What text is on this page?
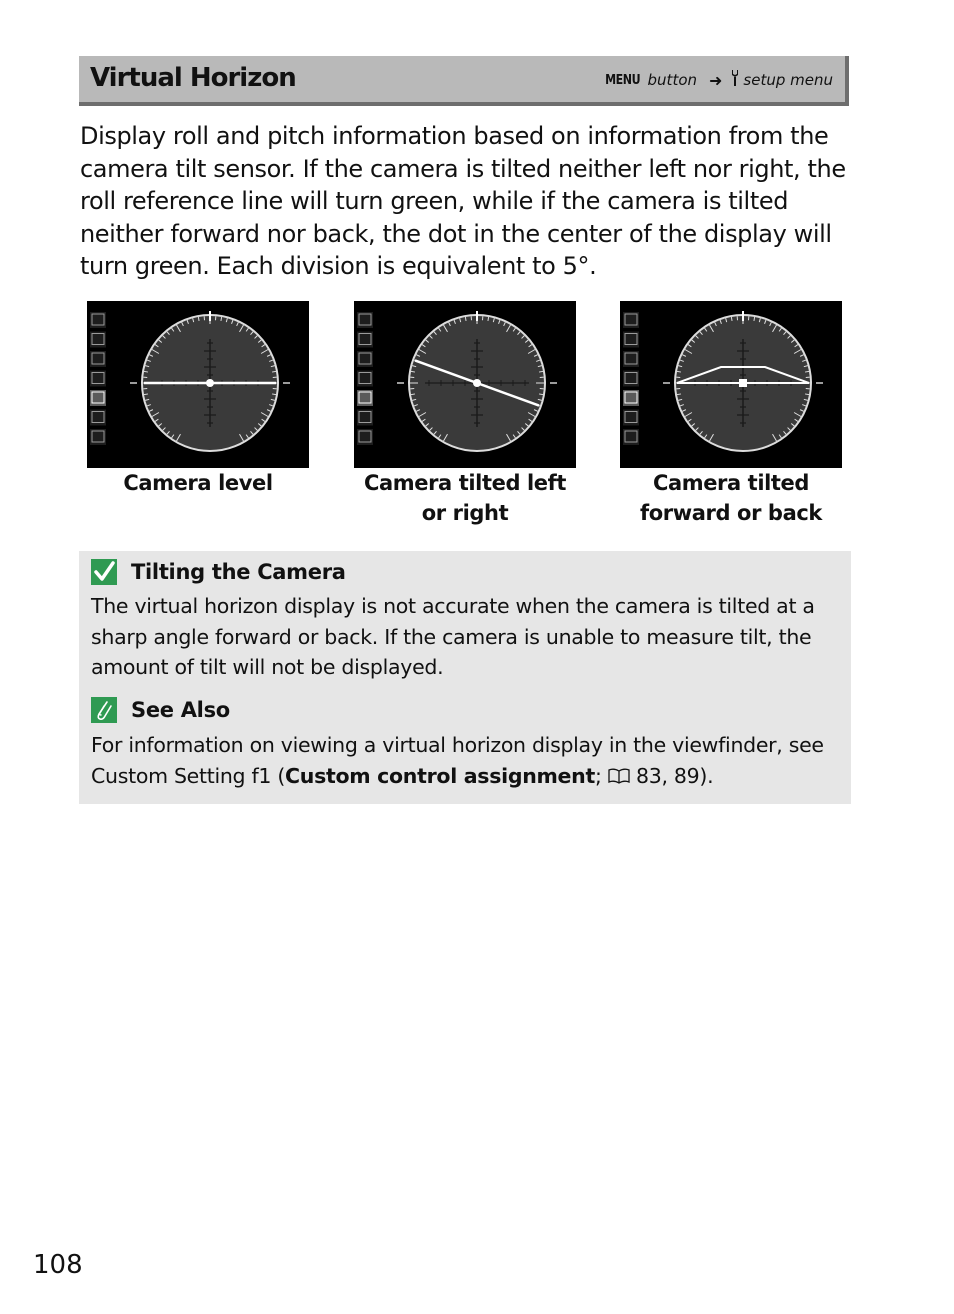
Virtual Horizon	MENU button ➜ setup menu
Display roll and pitch information based on information from the camera tilt sensor. If the camera is tilted neither left nor right, the roll reference line will turn green, while if the camera is tilted neither forward nor back, the dot in the center of the display will turn green. Each division is equivalent to 5°.
Camera level	Camera tilted left or right
Camera tilted forward or back
Tilting the Camera
The virtual horizon display is not accurate when the camera is tilted at a sharp angle forward or back. If the camera is unable to measure tilt, the amount of tilt will not be displayed.
See Also
For information on viewing a virtual horizon display in the viewfinder, see Custom Setting f1 (Custom control assignment;  83, 89).
108
